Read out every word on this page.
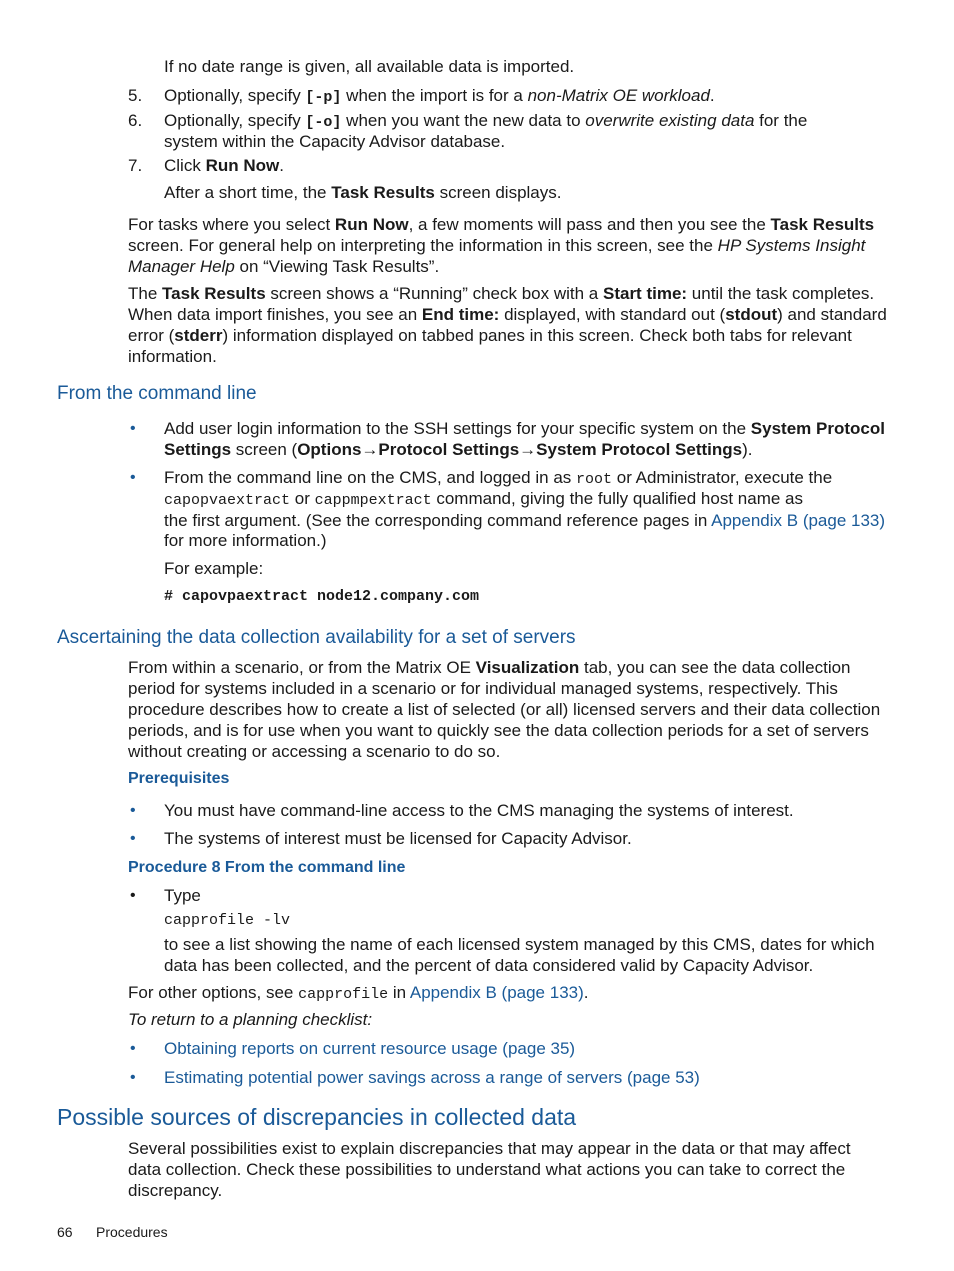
If no date range is given, all available data is imported.
5. Optionally, specify [-p] when the import is for a non-Matrix OE workload.
6. Optionally, specify [-o] when you want the new data to overwrite existing data for the
system within the Capacity Advisor database.
7. Click Run Now.
After a short time, the Task Results screen displays.
For tasks where you select Run Now, a few moments will pass and then you see the Task Results
screen. For general help on interpreting the information in this screen, see the HP Systems Insight
Manager Help on “Viewing Task Results”.
The Task Results screen shows a “Running” check box with a Start time: until the task completes.
When data import finishes, you see an End time: displayed, with standard out (stdout) and standard
error (stderr) information displayed on tabbed panes in this screen. Check both tabs for relevant
information.
From the command line
• Add user login information to the SSH settings for your specific system on the System Protocol
Settings screen (Options→Protocol Settings→System Protocol Settings).
• From the command line on the CMS, and logged in as root or Administrator, execute the
capopvaextract or cappmpextract command, giving the fully qualified host name as
the first argument. (See the corresponding command reference pages in Appendix B (page 133)
for more information.)
For example:
# capovpaextract node12.company.com
Ascertaining the data collection availability for a set of servers
From within a scenario, or from the Matrix OE Visualization tab, you can see the data collection
period for systems included in a scenario or for individual managed systems, respectively. This
procedure describes how to create a list of selected (or all) licensed servers and their data collection
periods, and is for use when you want to quickly see the data collection periods for a set of servers
without creating or accessing a scenario to do so.
Prerequisites
• You must have command-line access to the CMS managing the systems of interest.
• The systems of interest must be licensed for Capacity Advisor.
Procedure 8 From the command line
• Type
capprofile -lv
to see a list showing the name of each licensed system managed by this CMS, dates for which
data has been collected, and the percent of data considered valid by Capacity Advisor.
For other options, see capprofile in Appendix B (page 133).
To return to a planning checklist:
• Obtaining reports on current resource usage (page 35)
• Estimating potential power savings across a range of servers (page 53)
Possible sources of discrepancies in collected data
Several possibilities exist to explain discrepancies that may appear in the data or that may affect
data collection. Check these possibilities to understand what actions you can take to correct the
discrepancy.
66 Procedures
